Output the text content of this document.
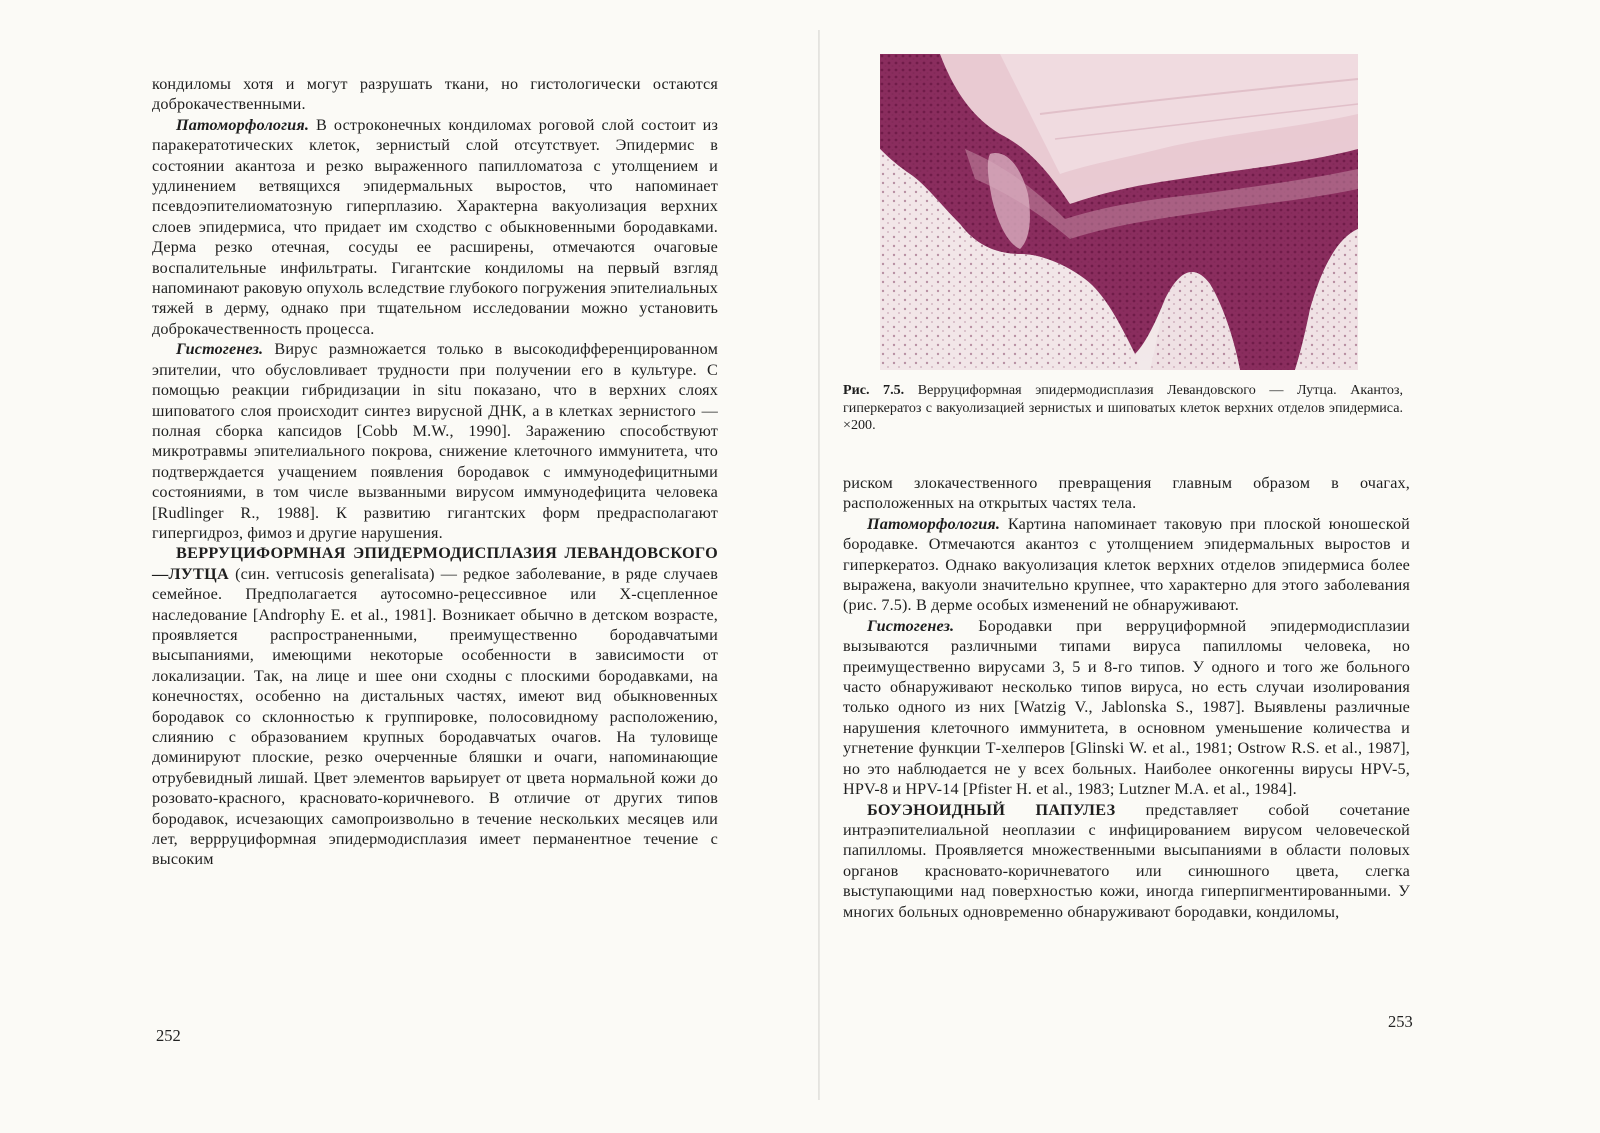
кондиломы хотя и могут разрушать ткани, но гистологически остаются доброкачественными.

Патоморфология. В остроконечных кондиломах роговой слой состоит из паракератотических клеток, зернистый слой отсутствует. Эпидермис в состоянии акантоза и резко выраженного папилломатоза с утолщением и удлинением ветвящихся эпидермальных выростов, что напоминает псевдоэпителиоматозную гиперплазию. Характерна вакуолизация верхних слоев эпидермиса, что придает им сходство с обыкновенными бородавками. Дерма резко отечная, сосуды ее расширены, отмечаются очаговые воспалительные инфильтраты. Гигантские кондиломы на первый взгляд напоминают раковую опухоль вследствие глубокого погружения эпителиальных тяжей в дерму, однако при тщательном исследовании можно установить доброкачественность процесса.

Гистогенез. Вирус размножается только в высокодифференцированном эпителии, что обусловливает трудности при получении его в культуре. С помощью реакции гибридизации in situ показано, что в верхних слоях шиповатого слоя происходит синтез вирусной ДНК, а в клетках зернистого — полная сборка капсидов [Cobb M.W., 1990]. Заражению способствуют микротравмы эпителиального покрова, снижение клеточного иммунитета, что подтверждается учащением появления бородавок с иммунодефицитными состояниями, в том числе вызванными вирусом иммунодефицита человека [Rudlinger R., 1988]. К развитию гигантских форм предрасполагают гипергидроз, фимоз и другие нарушения.

ВЕРРУЦИФОРМНАЯ ЭПИДЕРМОДИСПЛАЗИЯ ЛЕВАНДОВСКОГО—ЛУТЦА (син. verrucosis generalisata) — редкое заболевание, в ряде случаев семейное. Предполагается аутосомно-рецессивное или Х-сцепленное наследование [Androphy E. et al., 1981]. Возникает обычно в детском возрасте, проявляется распространенными, преимущественно бородавчатыми высыпаниями, имеющими некоторые особенности в зависимости от локализации. Так, на лице и шее они сходны с плоскими бородавками, на конечностях, особенно на дистальных частях, имеют вид обыкновенных бородавок со склонностью к группировке, полосовидному расположению, слиянию с образованием крупных бородавчатых очагов. На туловище доминируют плоские, резко очерченные бляшки и очаги, напоминающие отрубевидный лишай. Цвет элементов варьирует от цвета нормальной кожи до розовато-красного, красновато-коричневого. В отличие от других типов бородавок, исчезающих самопроизвольно в течение нескольких месяцев или лет, веррруциформная эпидермодисплазия имеет перманентное течение с высоким

252
Рис. 7.5. Верруциформная эпидермодисплазия Левандовского — Лутца. Акантоз, гиперкератоз с вакуолизацией зернистых и шиповатых клеток верхних отделов эпидермиса. ×200.

риском злокачественного превращения главным образом в очагах, расположенных на открытых частях тела.

Патоморфология. Картина напоминает таковую при плоской юношеской бородавке. Отмечаются акантоз с утолщением эпидермальных выростов и гиперкератоз. Однако вакуолизация клеток верхних отделов эпидермиса более выражена, вакуоли значительно крупнее, что характерно для этого заболевания (рис. 7.5). В дерме особых изменений не обнаруживают.

Гистогенез. Бородавки при верруциформной эпидермодисплазии вызываются различными типами вируса папилломы человека, но преимущественно вирусами 3, 5 и 8-го типов. У одного и того же больного часто обнаруживают несколько типов вируса, но есть случаи изолирования только одного из них [Watzig V., Jablonska S., 1987]. Выявлены различные нарушения клеточного иммунитета, в основном уменьшение количества и угнетение функции Т-хелперов [Glinski W. et al., 1981; Ostrow R.S. et al., 1987], но это наблюдается не у всех больных. Наиболее онкогенны вирусы HPV-5, HPV-8 и HPV-14 [Pfister H. et al., 1983; Lutzner M.A. et al., 1984].

БОУЭНОИДНЫЙ ПАПУЛЕЗ представляет собой сочетание интраэпителиальной неоплазии с инфицированием вирусом человеческой папилломы. Проявляется множественными высыпаниями в области половых органов красновато-коричневатого или синюшного цвета, слегка выступающими над поверхностью кожи, иногда гиперпигментированными. У многих больных одновременно обнаруживают бородавки, кондиломы,

253
